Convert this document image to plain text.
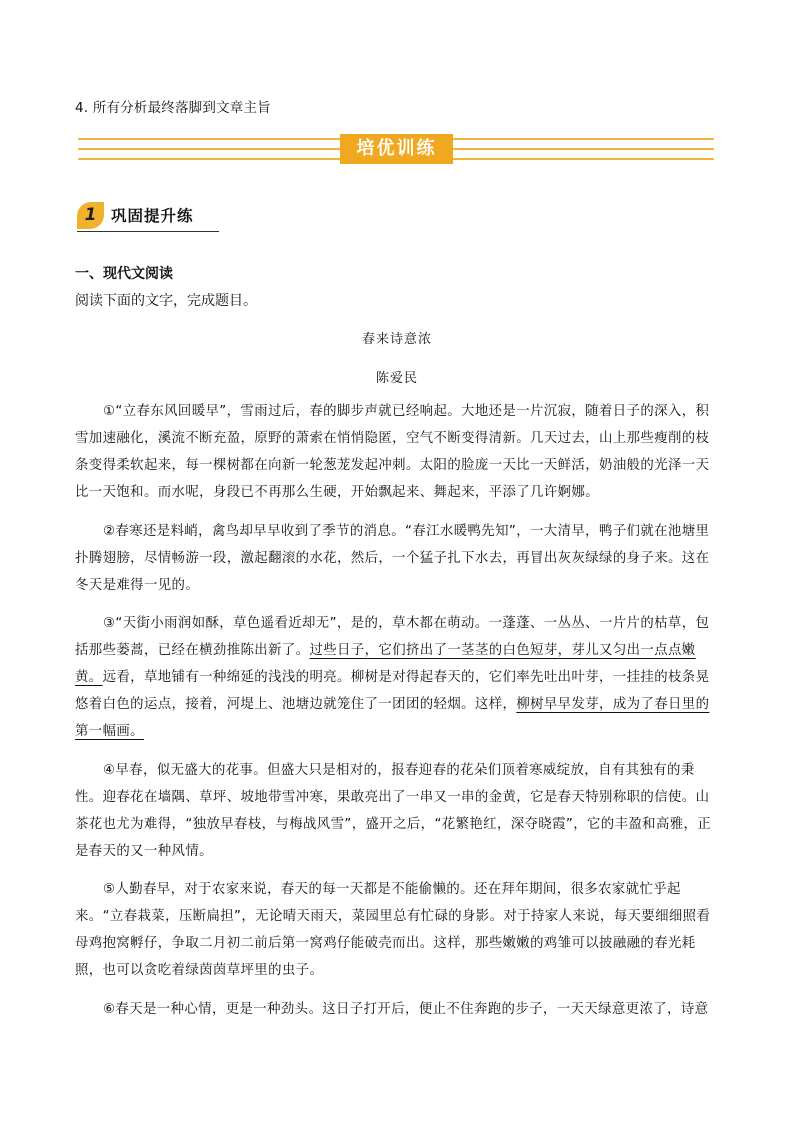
4. 所有分析最终落脚到文章主旨
培优训练
1 巩固提升练
一、现代文阅读
阅读下面的文字，完成题目。
春来诗意浓
陈爱民
①“立春东风回暖早”，雪雨过后，春的脚步声就已经响起。大地还是一片沉寂，随着日子的深入，积雪加速融化，溪流不断充盈，原野的萧索在悄悄隐匿，空气不断变得清新。几天过去，山上那些瘦削的枝条变得柔软起来，每一棵树都在向新一轮葱茏发起冲刺。太阳的脸庞一天比一天鲜活，奶油般的光泽一天比一天饱和。而水呢，身段已不再那么生硬，开始飘起来、舞起来，平添了几许婀娜。
②春寒还是料峭，禽鸟却早早收到了季节的消息。“春江水暖鸭先知”，一大清早，鸭子们就在池塘里扑腾翅膀，尽情畅游一段，激起翻滚的水花，然后，一个猛子扎下水去，再冒出灰灰绿绿的身子来。这在冬天是难得一见的。
③“天街小雨润如酥，草色遥看近却无”，是的，草木都在萌动。一蓬蓬、一丛丛、一片片的枯草，包括那些蒌蒿，已经在横劲推陈出新了。过些日子，它们挤出了一茎茎的白色短芽，芽儿又匀出一点点嫩黄。远看，草地铺有一种绵延的浅浅的明亮。柳树是对得起春天的，它们率先吐出叶芽，一挂挂的枝条晃悠着白色的运点，接着，河堤上、池塘边就笼住了一团团的轻烟。这样，柳树早早发芽，成为了春日里的第一幅画。
④早春，似无盛大的花事。但盛大只是相对的，报春迎春的花朵们顶着寒威绽放，自有其独有的秉性。迎春花在墙隅、草坪、坡地带雪冲寒，果敢亮出了一串又一串的金黄，它是春天特别称职的信使。山茶花也尤为难得，“独放早春枝，与梅战风雪”，盛开之后，“花繁艳红，深夺晓霞”，它的丰盈和高雅，正是春天的又一种风情。
⑤人勤春早，对于农家来说，春天的每一天都是不能偷懒的。还在拜年期间，很多农家就忙乎起来。“立春栽菜，压断扁担”，无论晴天雨天，菜园里总有忙碌的身影。对于持家人来说，每天要细细照看母鸡抱窝孵仔，争取二月初二前后第一窝鸡仔能破壳而出。这样，那些嫩嫩的鸡雏可以披融融的春光耗照，也可以贪吃着绿茵茵草坪里的虫子。
⑥春天是一种心情，更是一种劲头。这日子打开后，便止不住奔跑的步子，一天天绿意更浓了，诗意
